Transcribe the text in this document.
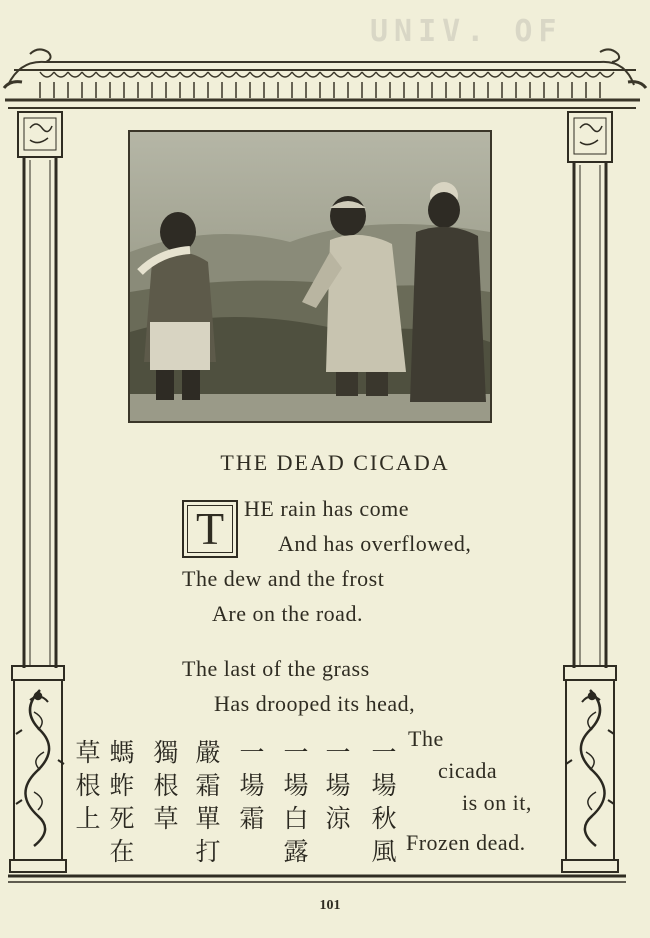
UNIV. OF
THE DEAD CICADA
T HE rain has come
And has overflowed,
The dew and the frost
Are on the road.
The last of the grass
Has drooped its head,
The
cicada
is on it,
Frozen dead.
一
場
秋
風
一
場
涼
一
場
白
露
一
場
霜
嚴
霜
單
打
獨
根
草
螞
蚱
死
在
草
根
上
101
